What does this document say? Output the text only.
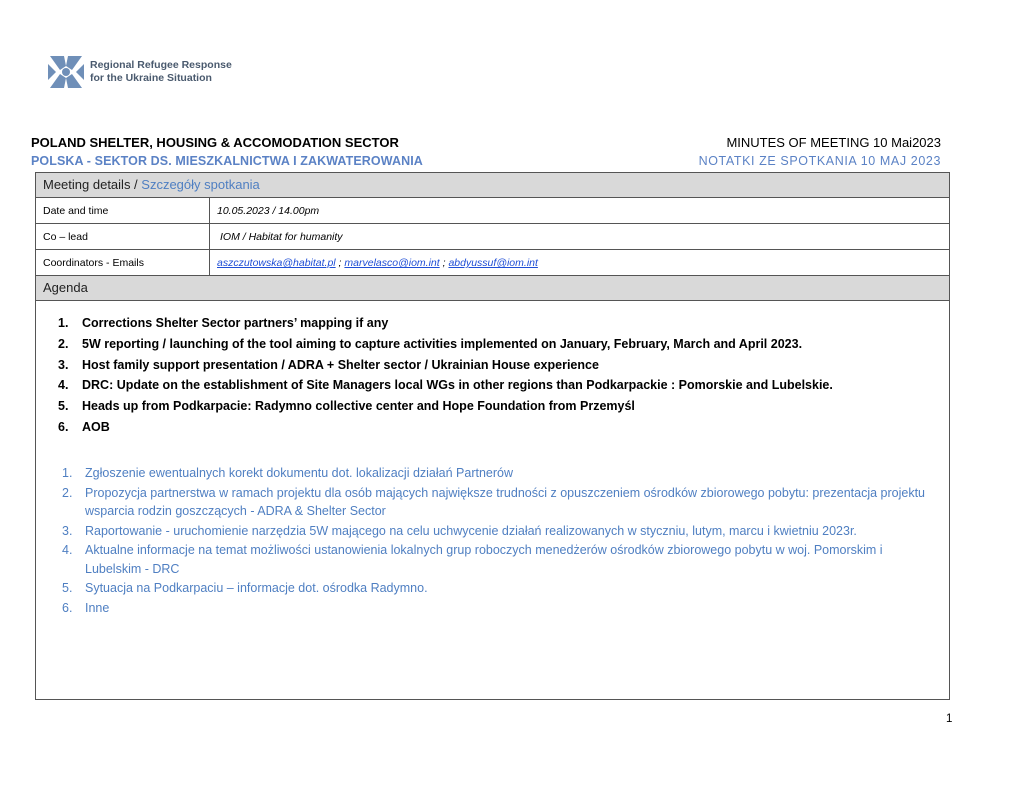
Regional Refugee Response
for the Ukraine Situation
POLAND SHELTER, HOUSING & ACCOMODATION SECTOR
POLSKA - SEKTOR DS. MIESZKALNICTWA I ZAKWATEROWANIA
MINUTES OF MEETING 10 Mai2023
NOTATKI ZE SPOTKANIA 10 MAJ 2023
Meeting details / Szczegóły spotkania
Date and time	10.05.2023 / 14.00pm
Co – lead	IOM / Habitat for humanity
Coordinators - Emails	aszczutowska@habitat.pl ; marvelasco@iom.int ; abdyussuf@iom.int
Agenda
1.	Corrections Shelter Sector partners’ mapping if any
2.	5W reporting / launching of the tool aiming to capture activities implemented on January, February, March and April 2023.
3.	Host family support presentation / ADRA + Shelter sector / Ukrainian House experience
4.	DRC: Update on the establishment of Site Managers local WGs in other regions than Podkarpackie : Pomorskie and Lubelskie.
5.	Heads up from Podkarpacie: Radymno collective center and Hope Foundation from Przemyśl
6.	AOB
1.	Zgłoszenie ewentualnych korekt dokumentu dot. lokalizacji działań Partnerów
2.	Propozycja partnerstwa w ramach projektu dla osób mających największe trudności z opuszczeniem ośrodków zbiorowego pobytu: prezentacja projektu wsparcia rodzin goszczących - ADRA & Shelter Sector
3.	Raportowanie - uruchomienie narzędzia 5W mającego na celu uchwycenie działań realizowanych w styczniu, lutym, marcu i kwietniu 2023r.
4.	Aktualne informacje na temat możliwości ustanowienia lokalnych grup roboczych menedżerów ośrodków zbiorowego pobytu w woj. Pomorskim i Lubelskim - DRC
5.	Sytuacja na Podkarpaciu – informacje dot. ośrodka Radymno.
6.	Inne
1
